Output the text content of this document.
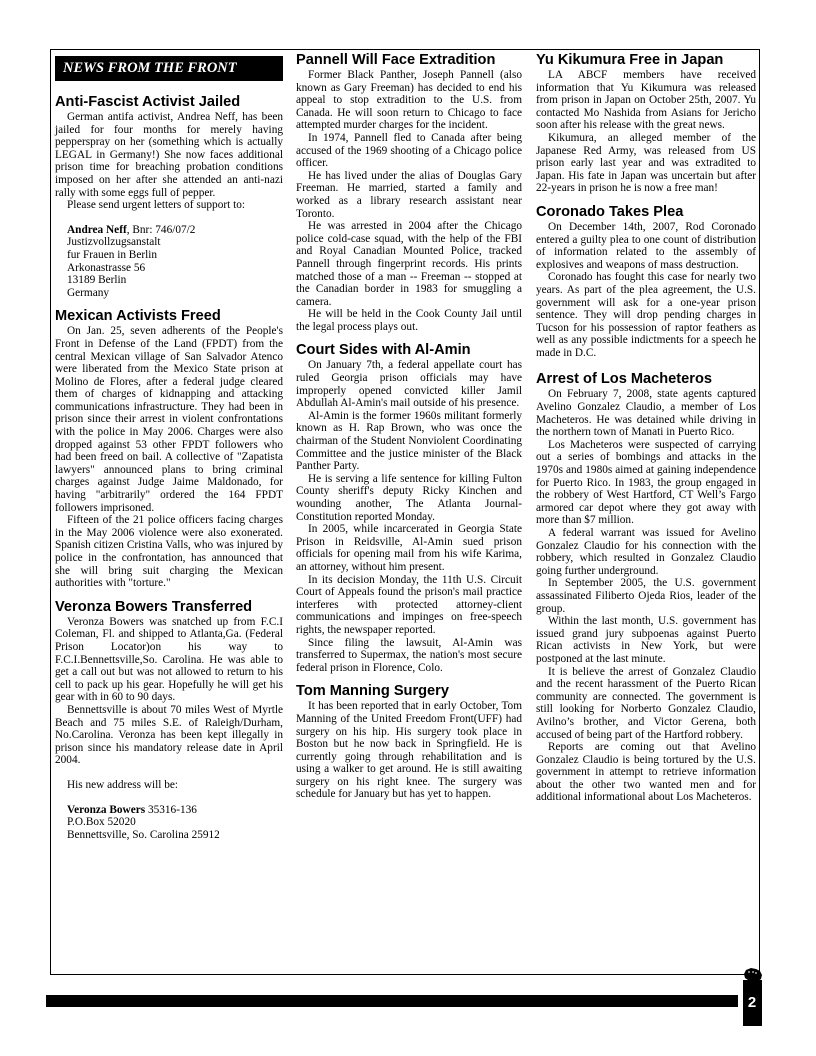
NEWS FROM THE FRONT
Anti-Fascist Activist Jailed

German antifa activist, Andrea Neff, has been jailed for four months for merely having pepperspray on her (something which is actually LEGAL in Germany!) She now faces additional prison time for breaching probation conditions imposed on her after she attended an anti-nazi rally with some eggs full of pepper.

Please send urgent letters of support to:

Andrea Neff, Bnr: 746/07/2
Justizvollzugsanstalt
fur Frauen in Berlin
Arkonastrasse 56
13189 Berlin
Germany
Mexican Activists Freed

On Jan. 25, seven adherents of the People's Front in Defense of the Land (FPDT) from the central Mexican village of San Salvador Atenco were liberated from the Mexico State prison at Molino de Flores, after a federal judge cleared them of charges of kidnapping and attacking communications infrastructure. They had been in prison since their arrest in violent confrontations with the police in May 2006. Charges were also dropped against 53 other FPDT followers who had been freed on bail. A collective of "Zapatista lawyers" announced plans to bring criminal charges against Judge Jaime Maldonado, for having "arbitrarily" ordered the 164 FPDT followers imprisoned.

Fifteen of the 21 police officers facing charges in the May 2006 violence were also exonerated. Spanish citizen Cristina Valls, who was injured by police in the confrontation, has announced that she will bring suit charging the Mexican authorities with "torture."

Veronza Bowers Transferred

Veronza Bowers was snatched up from F.C.I Coleman, Fl. and shipped to Atlanta,Ga. (Federal Prison Locator)on his way to F.C.I.Bennettsville,So. Carolina. He was able to get a call out but was not allowed to return to his cell to pack up his gear. Hopefully he will get his gear with in 60 to 90 days.

Bennettsville is about 70 miles West of Myrtle Beach and 75 miles S.E. of Raleigh/Durham, No.Carolina. Veronza has been kept illegally in prison since his mandatory release date in April 2004.

His new address will be:

Veronza Bowers 35316-136
P.O.Box 52020
Bennettsville, So. Carolina 25912
Pannell Will Face Extradition

Former Black Panther, Joseph Pannell (also known as Gary Freeman) has decided to end his appeal to stop extradition to the U.S. from Canada. He will soon return to Chicago to face attempted murder charges for the incident.

In 1974, Pannell fled to Canada after being accused of the 1969 shooting of a Chicago police officer.

He has lived under the alias of Douglas Gary Freeman. He married, started a family and worked as a library research assistant near Toronto.

He was arrested in 2004 after the Chicago police cold-case squad, with the help of the FBI and Royal Canadian Mounted Police, tracked Pannell through fingerprint records. His prints matched those of a man -- Freeman -- stopped at the Canadian border in 1983 for smuggling a camera.

He will be held in the Cook County Jail until the legal process plays out.

Court Sides with Al-Amin

On January 7th, a federal appellate court has ruled Georgia prison officials may have improperly opened convicted killer Jamil Abdullah Al-Amin's mail outside of his presence.

Al-Amin is the former 1960s militant formerly known as H. Rap Brown, who was once the chairman of the Student Nonviolent Coordinating Committee and the justice minister of the Black Panther Party.

He is serving a life sentence for killing Fulton County sheriff's deputy Ricky Kinchen and wounding another, The Atlanta Journal-Constitution reported Monday.

In 2005, while incarcerated in Georgia State Prison in Reidsville, Al-Amin sued prison officials for opening mail from his wife Karima, an attorney, without him present.

In its decision Monday, the 11th U.S. Circuit Court of Appeals found the prison's mail practice interferes with protected attorney-client communications and impinges on free-speech rights, the newspaper reported.

Since filing the lawsuit, Al-Amin was transferred to Supermax, the nation's most secure federal prison in Florence, Colo.

Tom Manning Surgery

It has been reported that in early October, Tom Manning of the United Freedom Front(UFF) had surgery on his hip. His surgery took place in Boston but he now back in Springfield. He is currently going through rehabilitation and is using a walker to get around. He is still awaiting surgery on his right knee. The surgery was schedule for January but has yet to happen.

Yu Kikumura Free in Japan

LA ABCF members have received information that Yu Kikumura was released from prison in Japan on October 25th, 2007. Yu contacted Mo Nashida from Asians for Jericho soon after his release with the great news.

Kikumura, an alleged member of the Japanese Red Army, was released from US prison early last year and was extradited to Japan. His fate in Japan was uncertain but after 22-years in prison he is now a free man!

Coronado Takes Plea

On December 14th, 2007, Rod Coronado entered a guilty plea to one count of distribution of information related to the assembly of explosives and weapons of mass destruction.

Coronado has fought this case for nearly two years. As part of the plea agreement, the U.S. government will ask for a one-year prison sentence. They will drop pending charges in Tucson for his possession of raptor feathers as well as any possible indictments for a speech he made in D.C.

Arrest of Los Macheteros

On February 7, 2008, state agents captured Avelino Gonzalez Claudio, a member of Los Macheteros. He was detained while driving in the northern town of Manati in Puerto Rico.

Los Macheteros were suspected of carrying out a series of bombings and attacks in the 1970s and 1980s aimed at gaining independence for Puerto Rico. In 1983, the group engaged in the robbery of West Hartford, CT Well’s Fargo armored car depot where they got away with more than $7 million.

A federal warrant was issued for Avelino Gonzalez Claudio for his connection with the robbery, which resulted in Gonzalez Claudio going further underground.

In September 2005, the U.S. government assassinated Filiberto Ojeda Rios, leader of the group.

Within the last month, U.S. government has issued grand jury subpoenas against Puerto Rican activists in New York, but were postponed at the last minute.

It is believe the arrest of Gonzalez Claudio and the recent harassment of the Puerto Rican community are connected. The government is still looking for Norberto Gonzalez Claudio, Avilno’s brother, and Victor Gerena, both accused of being part of the Hartford robbery.

Reports are coming out that Avelino Gonzalez Claudio is being tortured by the U.S. government in attempt to retrieve information about the other two wanted men and for additional informational about Los Macheteros.

2
